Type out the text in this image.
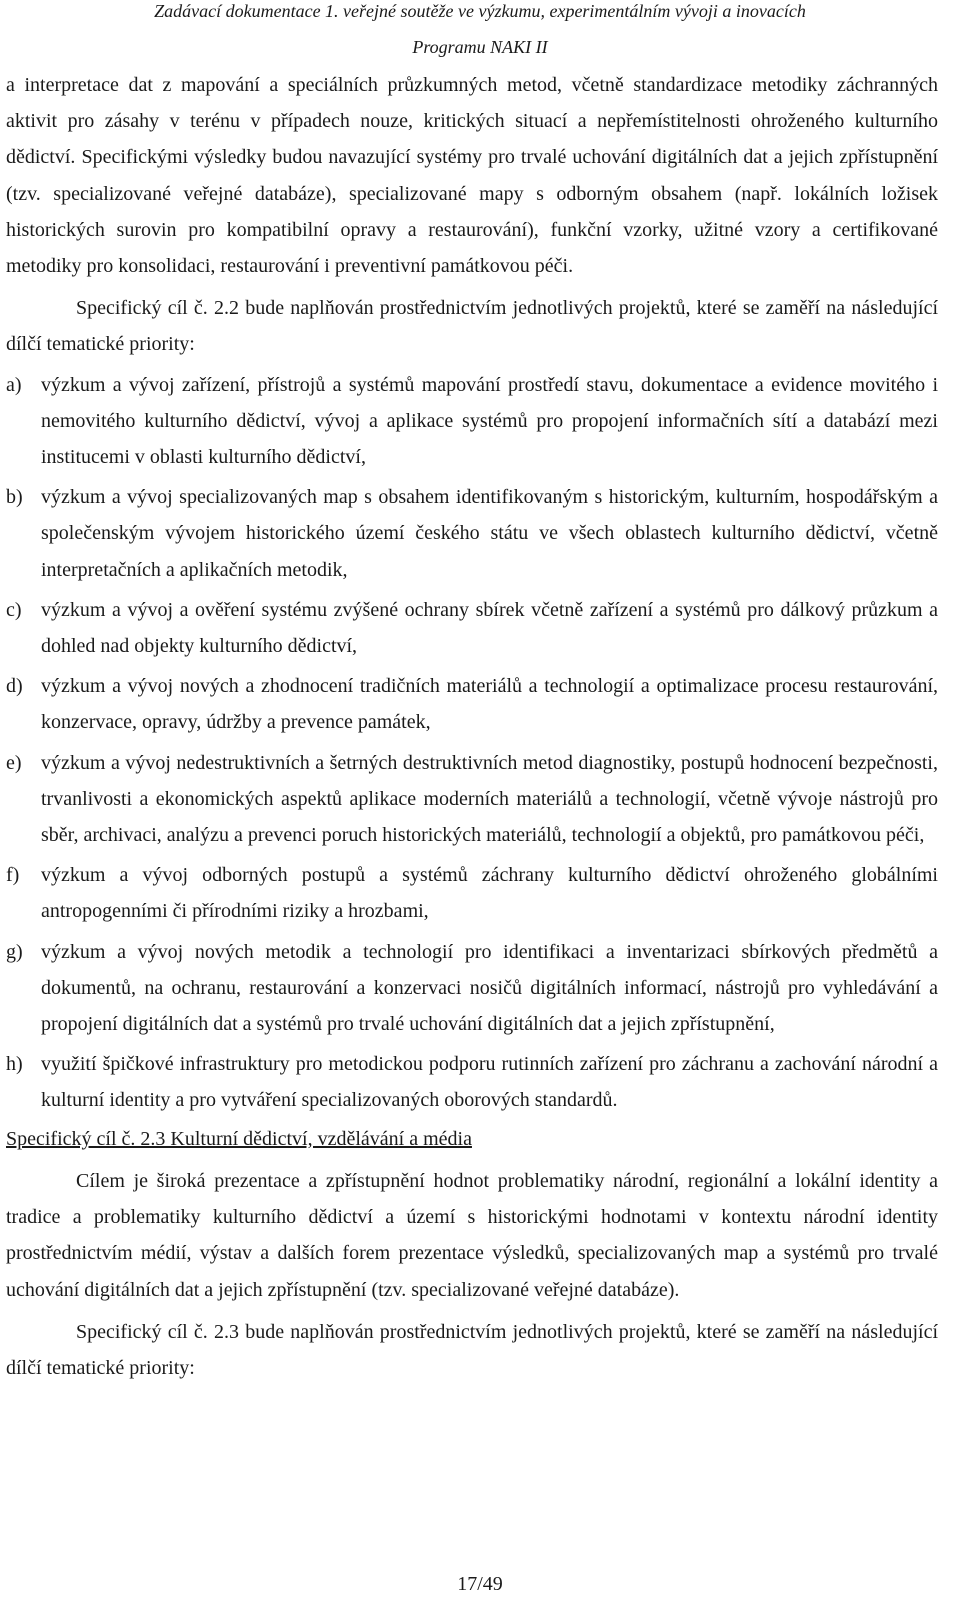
Zadávací dokumentace 1. veřejné soutěže ve výzkumu, experimentálním vývoji a inovacích
Programu NAKI II

a interpretace dat z mapování a speciálních průzkumných metod, včetně standardizace metodiky záchranných aktivit pro zásahy v terénu v případech nouze, kritických situací a nepřemístitelnosti ohroženého kulturního dědictví. Specifickými výsledky budou navazující systémy pro trvalé uchování digitálních dat a jejich zpřístupnění (tzv. specializované veřejné databáze), specializované mapy s odborným obsahem (např. lokálních ložisek historických surovin pro kompatibilní opravy a restaurování), funkční vzorky, užitné vzory a certifikované metodiky pro konsolidaci, restaurování i preventivní památkovou péči.

Specifický cíl č. 2.2 bude naplňován prostřednictvím jednotlivých projektů, které se zaměří na následující dílčí tematické priority:

a) výzkum a vývoj zařízení, přístrojů a systémů mapování prostředí stavu, dokumentace a evidence movitého i nemovitého kulturního dědictví, vývoj a aplikace systémů pro propojení informačních sítí a databází mezi institucemi v oblasti kulturního dědictví,
b) výzkum a vývoj specializovaných map s obsahem identifikovaným s historickým, kulturním, hospodářským a společenským vývojem historického území českého státu ve všech oblastech kulturního dědictví, včetně interpretačních a aplikačních metodik,
c) výzkum a vývoj a ověření systému zvýšené ochrany sbírek včetně zařízení a systémů pro dálkový průzkum a dohled nad objekty kulturního dědictví,
d) výzkum a vývoj nových a zhodnocení tradičních materiálů a technologií a optimalizace procesu restaurování, konzervace, opravy, údržby a prevence památek,
e) výzkum a vývoj nedestruktivních a šetrných destruktivních metod diagnostiky, postupů hodnocení bezpečnosti, trvanlivosti a ekonomických aspektů aplikace moderních materiálů a technologií, včetně vývoje nástrojů pro sběr, archivaci, analýzu a prevenci poruch historických materiálů, technologií a objektů, pro památkovou péči,
f) výzkum a vývoj odborných postupů a systémů záchrany kulturního dědictví ohroženého globálními antropogenními či přírodními riziky a hrozbami,
g) výzkum a vývoj nových metodik a technologií pro identifikaci a inventarizaci sbírkových předmětů a dokumentů, na ochranu, restaurování a konzervaci nosičů digitálních informací, nástrojů pro vyhledávání a propojení digitálních dat a systémů pro trvalé uchování digitálních dat a jejich zpřístupnění,
h) využití špičkové infrastruktury pro metodickou podporu rutinních zařízení pro záchranu a zachování národní a kulturní identity a pro vytváření specializovaných oborových standardů.

Specifický cíl č. 2.3 Kulturní dědictví, vzdělávání a média

Cílem je široká prezentace a zpřístupnění hodnot problematiky národní, regionální a lokální identity a tradice a problematiky kulturního dědictví a území s historickými hodnotami v kontextu národní identity prostřednictvím médií, výstav a dalších forem prezentace výsledků, specializovaných map a systémů pro trvalé uchování digitálních dat a jejich zpřístupnění (tzv. specializované veřejné databáze).

Specifický cíl č. 2.3 bude naplňován prostřednictvím jednotlivých projektů, které se zaměří na následující dílčí tematické priority:

17/49
